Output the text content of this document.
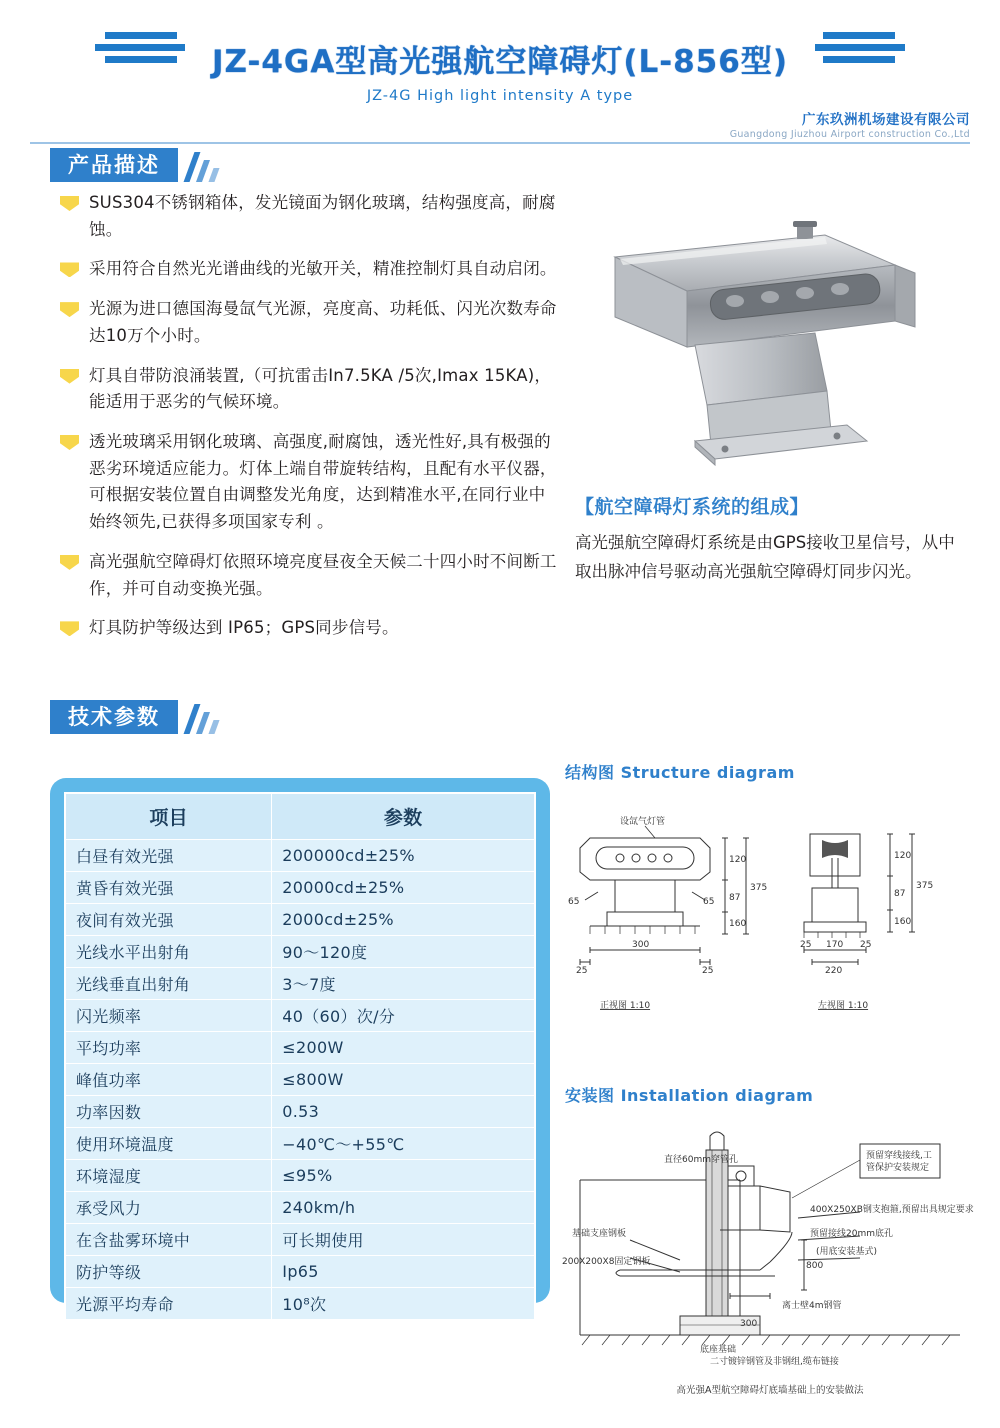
JZ-4GA型高光强航空障碍灯(L-856型)
JZ-4G High light intensity A type
广东玖洲机场建设有限公司
Guangdong Jiuzhou Airport construction Co.,Ltd
产品描述
SUS304不锈钢箱体，发光镜面为钢化玻璃，结构强度高，耐腐蚀。
采用符合自然光光谱曲线的光敏开关，精准控制灯具自动启闭。
光源为进口德国海曼氙气光源，亮度高、功耗低、闪光次数寿命达10万个小时。
灯具自带防浪涌装置,（可抗雷击In7.5KA /5次,Imax 15KA)，能适用于恶劣的气候环境。
透光玻璃采用钢化玻璃、高强度,耐腐蚀，透光性好,具有极强的恶劣环境适应能力。灯体上端自带旋转结构，且配有水平仪器，可根据安装位置自由调整发光角度，达到精准水平,在同行业中始终领先,已获得多项国家专利 。
高光强航空障碍灯依照环境亮度昼夜全天候二十四小时不间断工作，并可自动变换光强。
灯具防护等级达到 IP65；GPS同步信号。
【航空障碍灯系统的组成】
高光强航空障碍灯系统是由GPS接收卫星信号，从中取出脉冲信号驱动高光强航空障碍灯同步闪光。
技术参数
项目	参数
白昼有效光强	200000cd±25%
黄昏有效光强	20000cd±25%
夜间有效光强	2000cd±25%
光线水平出射角	90～120度
光线垂直出射角	3～7度
闪光频率	40（60）次/分
平均功率	≤200W
峰值功率	≤800W
功率因数	0.53
使用环境温度	−40℃～+55℃
环境湿度	≤95%
承受风力	240km/h
在含盐雾环境中	可长期使用
防护等级	Ip65
光源平均寿命	10⁸次
结构图 Structure diagram
设氙气灯管
120
87
160
375
65	65
300
25	25
120
87
160
375
25 170 25
220
正视图 1:10	左视图 1:10
安装图 Installation diagram
直径60mm穿管孔
基础支座钢板
200X200X8固定钢板
400X250XB钢支抱箍,预留出具规定要求
预留接线20mm底孔
(用底安装基式)
离士壁4m钢管
300
800
底座基础
二寸镀锌钢管及非钢组,缆布链接
预留穿线接线,工
管保护安装规定
高光强A型航空障碍灯底墙基础上的安装做法
